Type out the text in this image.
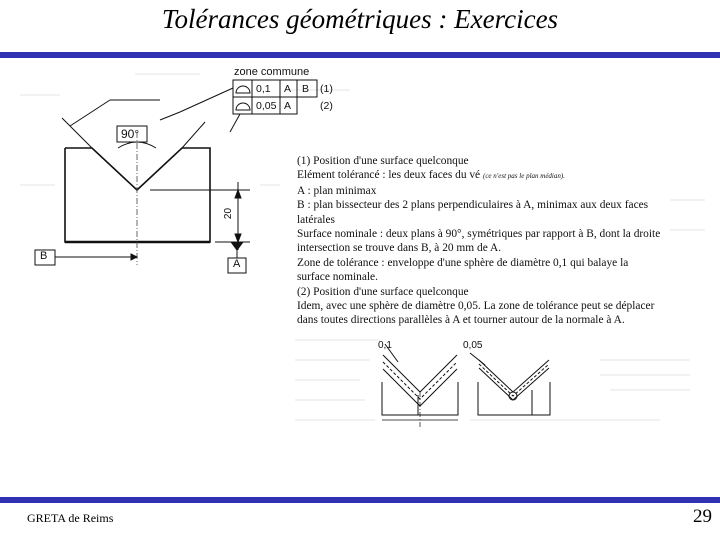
Tolérances géométriques : Exercices
zone commune
0,1 A B (1)
0,05 A	(2)
90°
20
B
A
0,1	0,05
(1) Position d'une surface quelconque
Elément tolérancé : les deux faces du vé (ce n'est pas le plan médian).
A : plan minimax
B : plan bissecteur des 2 plans perpendiculaires à A, minimax aux deux faces
latérales
Surface nominale : deux plans à 90°, symétriques par rapport à B, dont la droite
intersection se trouve dans B, à 20 mm de A.
Zone de tolérance : enveloppe d'une sphère de diamètre 0,1 qui balaye la
surface nominale.
(2) Position d'une surface quelconque
Idem, avec une sphère de diamètre 0,05. La zone de tolérance peut se déplacer
dans toutes directions parallèles à A et tourner autour de la normale à A.
GRETA de Reims	29
